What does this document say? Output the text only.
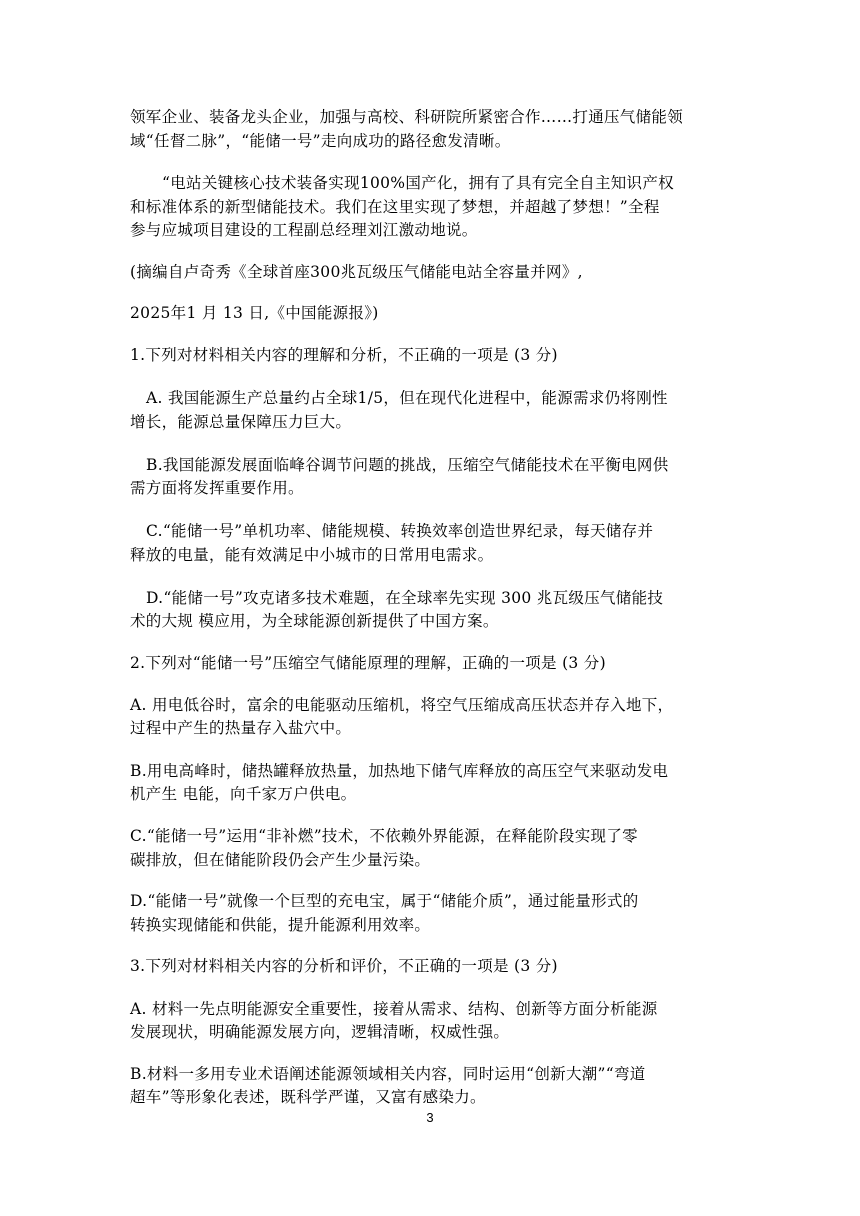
领军企业、装备龙头企业，加强与高校、科研院所紧密合作……打通压气储能领
域“任督二脉”，“能储一号”走向成功的路径愈发清晰。
“电站关键核心技术装备实现100%国产化，拥有了具有完全自主知识产权
和标准体系的新型储能技术。我们在这里实现了梦想，并超越了梦想！”全程
参与应城项目建设的工程副总经理刘江激动地说。
(摘编自卢奇秀《全球首座300兆瓦级压气储能电站全容量并网》,
2025年1 月 13 日,《中国能源报》)
1.下列对材料相关内容的理解和分析，不正确的一项是 (3 分)
A. 我国能源生产总量约占全球1/5，但在现代化进程中，能源需求仍将刚性
增长，能源总量保障压力巨大。
B.我国能源发展面临峰谷调节问题的挑战，压缩空气储能技术在平衡电网供
需方面将发挥重要作用。
C.“能储一号”单机功率、储能规模、转换效率创造世界纪录，每天储存并
释放的电量，能有效满足中小城市的日常用电需求。
D.“能储一号”攻克诸多技术难题，在全球率先实现 300 兆瓦级压气储能技
术的大规 模应用，为全球能源创新提供了中国方案。
2.下列对“能储一号”压缩空气储能原理的理解，正确的一项是 (3 分)
A. 用电低谷时，富余的电能驱动压缩机，将空气压缩成高压状态并存入地下，
过程中产生的热量存入盐穴中。
B.用电高峰时，储热罐释放热量，加热地下储气库释放的高压空气来驱动发电
机产生 电能，向千家万户供电。
C.“能储一号”运用“非补燃”技术，不依赖外界能源，在释能阶段实现了零
碳排放，但在储能阶段仍会产生少量污染。
D.“能储一号”就像一个巨型的充电宝，属于“储能介质”，通过能量形式的
转换实现储能和供能，提升能源利用效率。
3.下列对材料相关内容的分析和评价，不正确的一项是 (3 分)
A. 材料一先点明能源安全重要性，接着从需求、结构、创新等方面分析能源
发展现状，明确能源发展方向，逻辑清晰，权威性强。
B.材料一多用专业术语阐述能源领域相关内容，同时运用“创新大潮”“弯道
超车”等形象化表述，既科学严谨，又富有感染力。
3
